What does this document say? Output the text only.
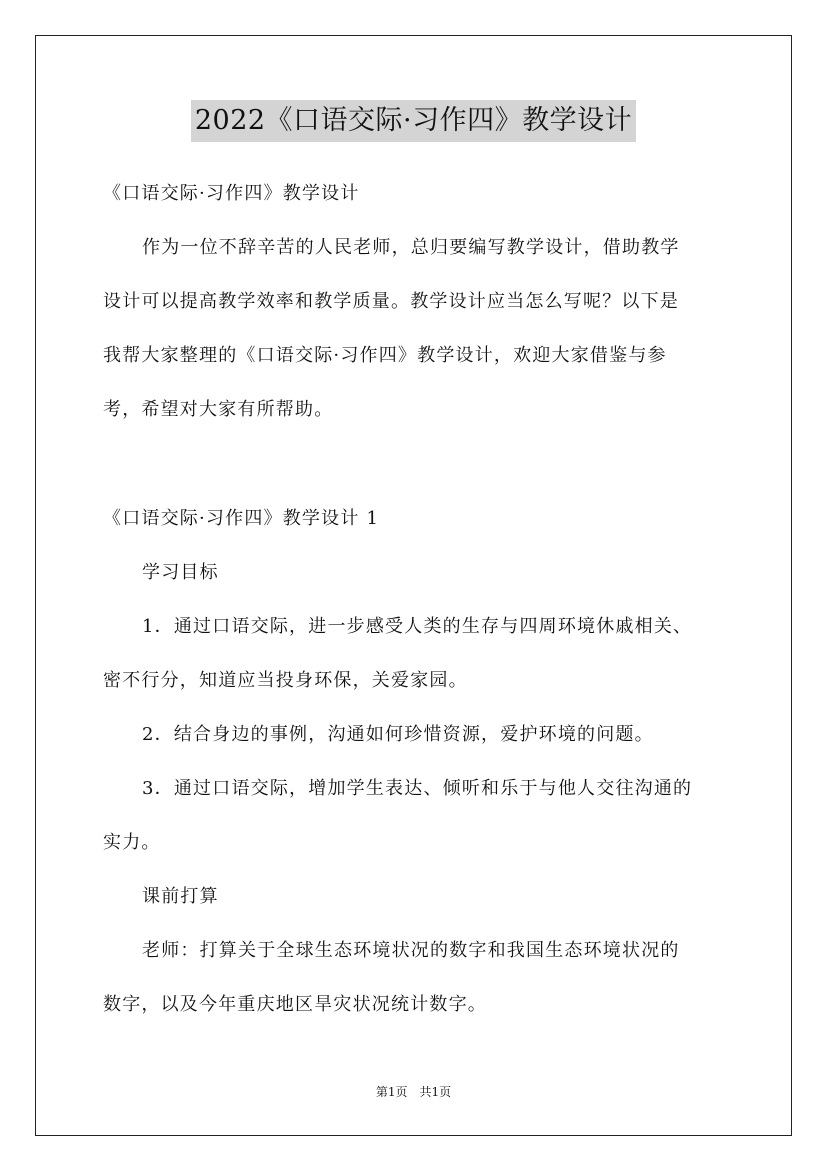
2022《口语交际·习作四》教学设计
《口语交际·习作四》教学设计
作为一位不辞辛苦的人民老师，总归要编写教学设计，借助教学
设计可以提高教学效率和教学质量。教学设计应当怎么写呢？以下是
我帮大家整理的《口语交际·习作四》教学设计，欢迎大家借鉴与参
考，希望对大家有所帮助。
《口语交际·习作四》教学设计 1
学习目标
1．通过口语交际，进一步感受人类的生存与四周环境休戚相关、
密不行分，知道应当投身环保，关爱家园。
2．结合身边的事例，沟通如何珍惜资源，爱护环境的问题。
3．通过口语交际，增加学生表达、倾听和乐于与他人交往沟通的
实力。
课前打算
老师：打算关于全球生态环境状况的数字和我国生态环境状况的
数字，以及今年重庆地区旱灾状况统计数字。
第1页　共1页
